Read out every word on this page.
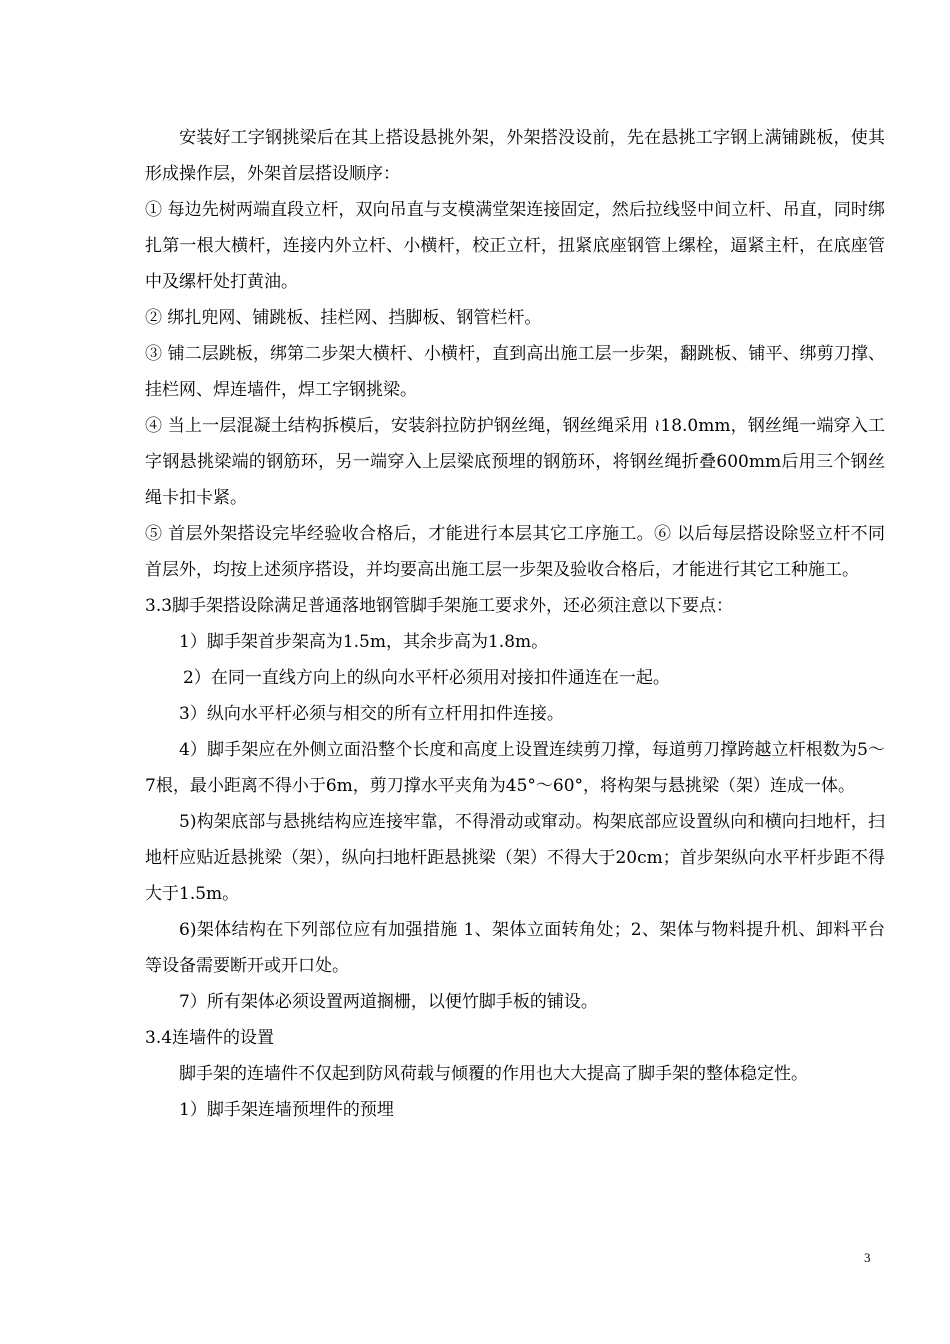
安装好工字钢挑梁后在其上搭设悬挑外架，外架搭没设前，先在悬挑工字钢上满铺跳板，使其形成操作层，外架首层搭设顺序：

① 每边先树两端直段立杆，双向吊直与支模满堂架连接固定，然后拉线竖中间立杆、吊直，同时绑扎第一根大横杆，连接内外立杆、小横杆，校正立杆，扭紧底座钢管上缧栓，逼紧主杆，在底座管中及缧杆处打黄油。

② 绑扎兜网、铺跳板、挂栏网、挡脚板、钢管栏杆。

③ 铺二层跳板，绑第二步架大横杆、小横杆，直到高出施工层一步架，翻跳板、铺平、绑剪刀撑、挂栏网、焊连墙件，焊工字钢挑梁。

④ 当上一层混凝土结构拆模后，安装斜拉防护钢丝绳，钢丝绳采用 ≀18.0mm，钢丝绳一端穿入工字钢悬挑梁端的钢筋环，另一端穿入上层梁底预埋的钢筋环，将钢丝绳折叠600mm后用三个钢丝绳卡扣卡紧。

⑤ 首层外架搭设完毕经验收合格后，才能进行本层其它工序施工。⑥ 以后每层搭设除竖立杆不同首层外，均按上述须序搭设，并均要高出施工层一步架及验收合格后，才能进行其它工种施工。

3.3脚手架搭设除满足普通落地钢管脚手架施工要求外，还必须注意以下要点：

1）脚手架首步架高为1.5m，其余步高为1.8m。

2）在同一直线方向上的纵向水平杆必须用对接扣件通连在一起。

3）纵向水平杆必须与相交的所有立杆用扣件连接。

4）脚手架应在外侧立面沿整个长度和高度上设置连续剪刀撑，每道剪刀撑跨越立杆根数为5～7根，最小距离不得小于6m，剪刀撑水平夹角为45°～60°，将构架与悬挑梁（架）连成一体。

5)构架底部与悬挑结构应连接牢靠，不得滑动或窜动。构架底部应设置纵向和横向扫地杆，扫地杆应贴近悬挑梁（架），纵向扫地杆距悬挑梁（架）不得大于20cm；首步架纵向水平杆步距不得大于1.5m。

6)架体结构在下列部位应有加强措施 1、架体立面转角处；2、架体与物料提升机、卸料平台等设备需要断开或开口处。

7）所有架体必须设置两道搁栅，以便竹脚手板的铺设。

3.4连墙件的设置

脚手架的连墙件不仅起到防风荷载与倾覆的作用也大大提高了脚手架的整体稳定性。

1）脚手架连墙预埋件的预埋

3
